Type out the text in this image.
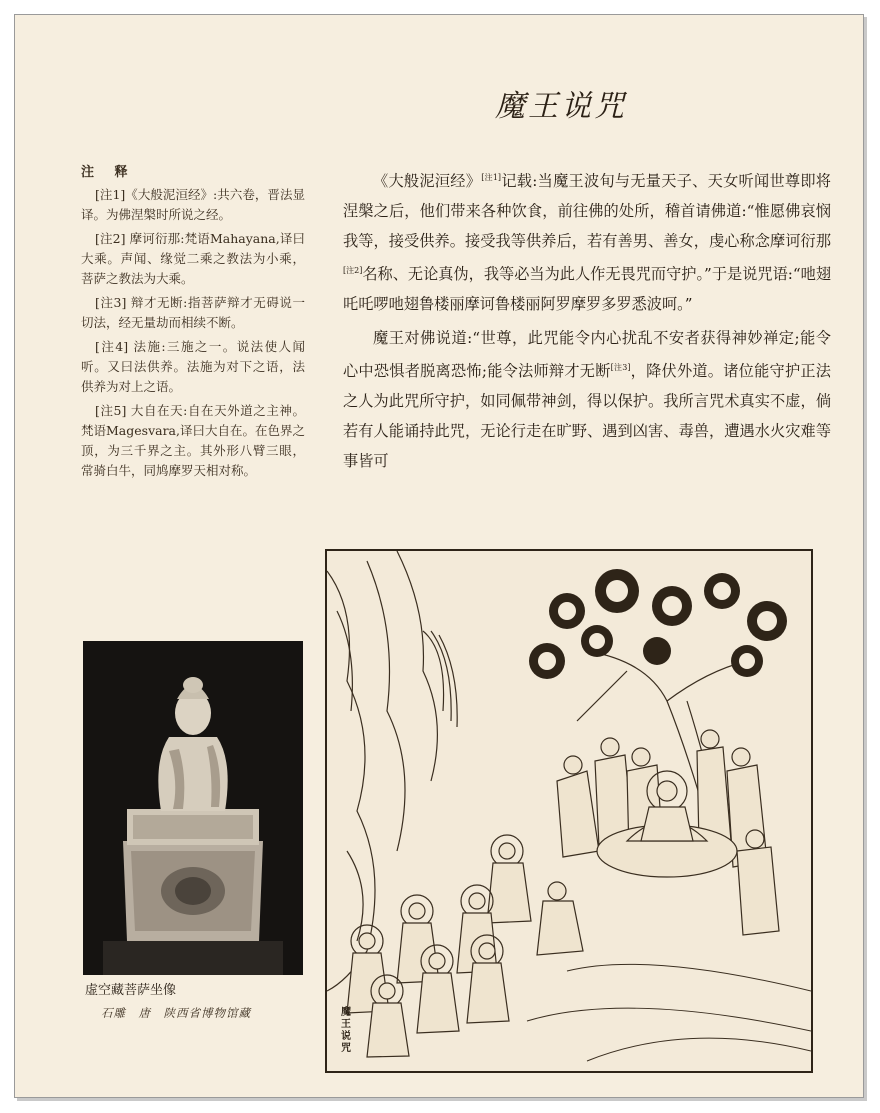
魔王说咒
注 释

[注1]《大般泥洹经》:共六卷，晋法显译。为佛涅槃时所说之经。

[注2] 摩诃衍那:梵语Mahayana,译曰大乘。声闻、缘觉二乘之教法为小乘，菩萨之教法为大乘。

[注3] 辩才无断:指菩萨辩才无碍说一切法，经无量劫而相续不断。

[注4] 法施:三施之一。说法使人闻听。又曰法供养。法施为对下之语，法供养为对上之语。

[注5] 大自在天:自在天外道之主神。梵语Magesvara,译曰大自在。在色界之顶，为三千界之主。其外形八臂三眼，常骑白牛，同鸠摩罗天相对称。

《大般泥洹经》[注1]记载:当魔王波旬与无量天子、天女听闻世尊即将涅槃之后，他们带来各种饮食，前往佛的处所，稽首请佛道:“惟愿佛哀悯我等，接受供养。接受我等供养后，若有善男、善女，虔心称念摩诃衍那[注2]名称、无论真伪，我等必当为此人作无畏咒而守护。”于是说咒语:“吔翅吒吒啰吔翅鲁楼丽摩诃鲁楼丽阿罗摩罗多罗悉波呵。”

魔王对佛说道:“世尊，此咒能令内心扰乱不安者获得神妙禅定;能令心中恐惧者脱离恐怖;能令法师辩才无断[注3]，降伏外道。诸位能守护正法之人为此咒所守护，如同佩带神剑，得以保护。我所言咒术真实不虚，倘若有人能诵持此咒，无论行走在旷野、遇到凶害、毒兽，遭遇水火灾难等事皆可

虚空藏菩萨坐像
石雕　唐　陕西省博物馆藏	魔王说咒
